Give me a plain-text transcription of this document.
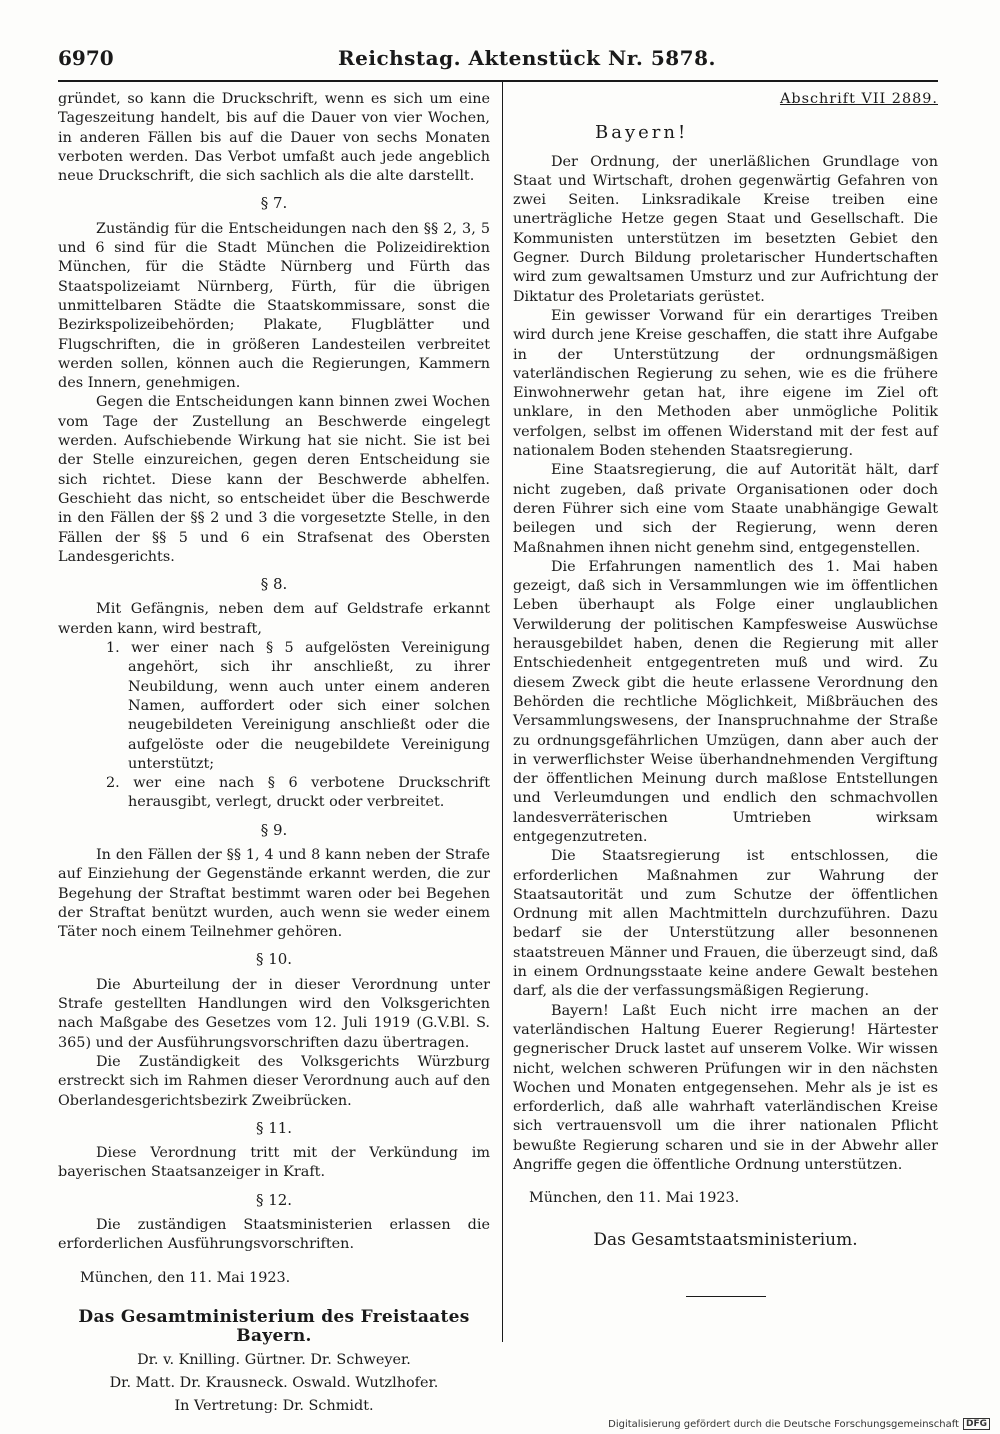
6970	Reichstag. Aktenstück Nr. 5878.

gründet, so kann die Druckschrift, wenn es sich um eine Tageszeitung handelt, bis auf die Dauer von vier Wochen, in anderen Fällen bis auf die Dauer von sechs Monaten verboten werden. Das Verbot umfaßt auch jede angeblich neue Druckschrift, die sich sachlich als die alte darstellt.

§ 7.

Zuständig für die Entscheidungen nach den §§ 2, 3, 5 und 6 sind für die Stadt München die Polizeidirektion München, für die Städte Nürnberg und Fürth das Staatspolizeiamt Nürnberg, Fürth, für die übrigen unmittelbaren Städte die Staatskommissare, sonst die Bezirkspolizeibehörden; Plakate, Flugblätter und Flugschriften, die in größeren Landesteilen verbreitet werden sollen, können auch die Regierungen, Kammern des Innern, genehmigen.

Gegen die Entscheidungen kann binnen zwei Wochen vom Tage der Zustellung an Beschwerde eingelegt werden. Aufschiebende Wirkung hat sie nicht. Sie ist bei der Stelle einzureichen, gegen deren Entscheidung sie sich richtet. Diese kann der Beschwerde abhelfen. Geschieht das nicht, so entscheidet über die Beschwerde in den Fällen der §§ 2 und 3 die vorgesetzte Stelle, in den Fällen der §§ 5 und 6 ein Strafsenat des Obersten Landesgerichts.

§ 8.

Mit Gefängnis, neben dem auf Geldstrafe erkannt werden kann, wird bestraft,

1. wer einer nach § 5 aufgelösten Vereinigung angehört, sich ihr anschließt, zu ihrer Neubildung, wenn auch unter einem anderen Namen, auffordert oder sich einer solchen neugebildeten Vereinigung anschließt oder die aufgelöste oder die neugebildete Vereinigung unterstützt;

2. wer eine nach § 6 verbotene Druckschrift herausgibt, verlegt, druckt oder verbreitet.

§ 9.

In den Fällen der §§ 1, 4 und 8 kann neben der Strafe auf Einziehung der Gegenstände erkannt werden, die zur Begehung der Straftat bestimmt waren oder bei Begehen der Straftat benützt wurden, auch wenn sie weder einem Täter noch einem Teilnehmer gehören.

§ 10.

Die Aburteilung der in dieser Verordnung unter Strafe gestellten Handlungen wird den Volksgerichten nach Maßgabe des Gesetzes vom 12. Juli 1919 (G.V.Bl. S. 365) und der Ausführungsvorschriften dazu übertragen.

Die Zuständigkeit des Volksgerichts Würzburg erstreckt sich im Rahmen dieser Verordnung auch auf den Oberlandesgerichtsbezirk Zweibrücken.

§ 11.

Diese Verordnung tritt mit der Verkündung im bayerischen Staatsanzeiger in Kraft.

§ 12.

Die zuständigen Staatsministerien erlassen die erforderlichen Ausführungsvorschriften.

München, den 11. Mai 1923.

Das Gesamtministerium des Freistaates Bayern.
Dr. v. Knilling. Gürtner. Dr. Schweyer.
Dr. Matt. Dr. Krausneck. Oswald. Wutzlhofer.
In Vertretung: Dr. Schmidt.
Abschrift VII 2889.
Bayern!

Der Ordnung, der unerläßlichen Grundlage von Staat und Wirtschaft, drohen gegenwärtig Gefahren von zwei Seiten. Linksradikale Kreise treiben eine unerträgliche Hetze gegen Staat und Gesellschaft. Die Kommunisten unterstützen im besetzten Gebiet den Gegner. Durch Bildung proletarischer Hundertschaften wird zum gewaltsamen Umsturz und zur Aufrichtung der Diktatur des Proletariats gerüstet.

Ein gewisser Vorwand für ein derartiges Treiben wird durch jene Kreise geschaffen, die statt ihre Aufgabe in der Unterstützung der ordnungsmäßigen vaterländischen Regierung zu sehen, wie es die frühere Einwohnerwehr getan hat, ihre eigene im Ziel oft unklare, in den Methoden aber unmögliche Politik verfolgen, selbst im offenen Widerstand mit der fest auf nationalem Boden stehenden Staatsregierung.

Eine Staatsregierung, die auf Autorität hält, darf nicht zugeben, daß private Organisationen oder doch deren Führer sich eine vom Staate unabhängige Gewalt beilegen und sich der Regierung, wenn deren Maßnahmen ihnen nicht genehm sind, entgegenstellen.

Die Erfahrungen namentlich des 1. Mai haben gezeigt, daß sich in Versammlungen wie im öffentlichen Leben überhaupt als Folge einer unglaublichen Verwilderung der politischen Kampfesweise Auswüchse herausgebildet haben, denen die Regierung mit aller Entschiedenheit entgegentreten muß und wird. Zu diesem Zweck gibt die heute erlassene Verordnung den Behörden die rechtliche Möglichkeit, Mißbräuchen des Versammlungswesens, der Inanspruchnahme der Straße zu ordnungsgefährlichen Umzügen, dann aber auch der in verwerflichster Weise überhandnehmenden Vergiftung der öffentlichen Meinung durch maßlose Entstellungen und Verleumdungen und endlich den schmachvollen landesverräterischen Umtrieben wirksam entgegenzutreten.

Die Staatsregierung ist entschlossen, die erforderlichen Maßnahmen zur Wahrung der Staatsautorität und zum Schutze der öffentlichen Ordnung mit allen Machtmitteln durchzuführen. Dazu bedarf sie der Unterstützung aller besonnenen staatstreuen Männer und Frauen, die überzeugt sind, daß in einem Ordnungsstaate keine andere Gewalt bestehen darf, als die der verfassungsmäßigen Regierung.

Bayern! Laßt Euch nicht irre machen an der vaterländischen Haltung Euerer Regierung! Härtester gegnerischer Druck lastet auf unserem Volke. Wir wissen nicht, welchen schweren Prüfungen wir in den nächsten Wochen und Monaten entgegensehen. Mehr als je ist es erforderlich, daß alle wahrhaft vaterländischen Kreise sich vertrauensvoll um die ihrer nationalen Pflicht bewußte Regierung scharen und sie in der Abwehr aller Angriffe gegen die öffentliche Ordnung unterstützen.

München, den 11. Mai 1923.

Das Gesamtstaatsministerium.
Digitalisierung gefördert durch die Deutsche Forschungsgemeinschaft DFG
